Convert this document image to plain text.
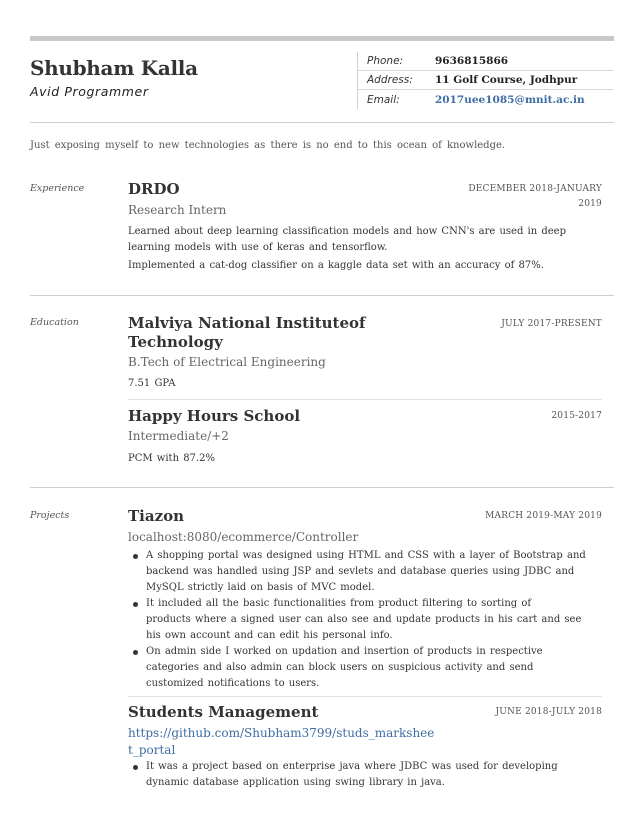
Shubham Kalla
Avid Programmer
Phone:	9636815866
Address:	11 Golf Course, Jodhpur
Email:	2017uee1085@mnit.ac.in
Just exposing myself to new technologies as there is no end to this ocean of knowledge.
Experience	DRDO	DECEMBER 2018-JANUARY
2019
Research Intern
Learned about deep learning classification models and how CNN's are used in deep
learning models with use of keras and tensorflow.
Implemented a cat-dog classifier on a kaggle data set with an accuracy of 87%.
Education	Malviya National Instituteof
Technology
JULY 2017-PRESENT
B.Tech of Electrical Engineering
7.51 GPA
Happy Hours School	2015-2017
Intermediate/+2
PCM with 87.2%
Projects	Tiazon	MARCH 2019-MAY 2019
localhost:8080/ecommerce/Controller
A shopping portal was designed using HTML and CSS with a layer of Bootstrap and
backend was handled using JSP and sevlets and database queries using JDBC and
MySQL strictly laid on basis of MVC model.
It included all the basic functionalities from product filtering to sorting of
products where a signed user can also see and update products in his cart and see
his own account and can edit his personal info.
On admin side I worked on updation and insertion of products in respective
categories and also admin can block users on suspicious activity and send
customized notifications to users.
Students Management	JUNE 2018-JULY 2018
https://github.com/Shubham3799/studs_markshee
t_portal
It was a project based on enterprise java where JDBC was used for developing
dynamic database application using swing library in java.
